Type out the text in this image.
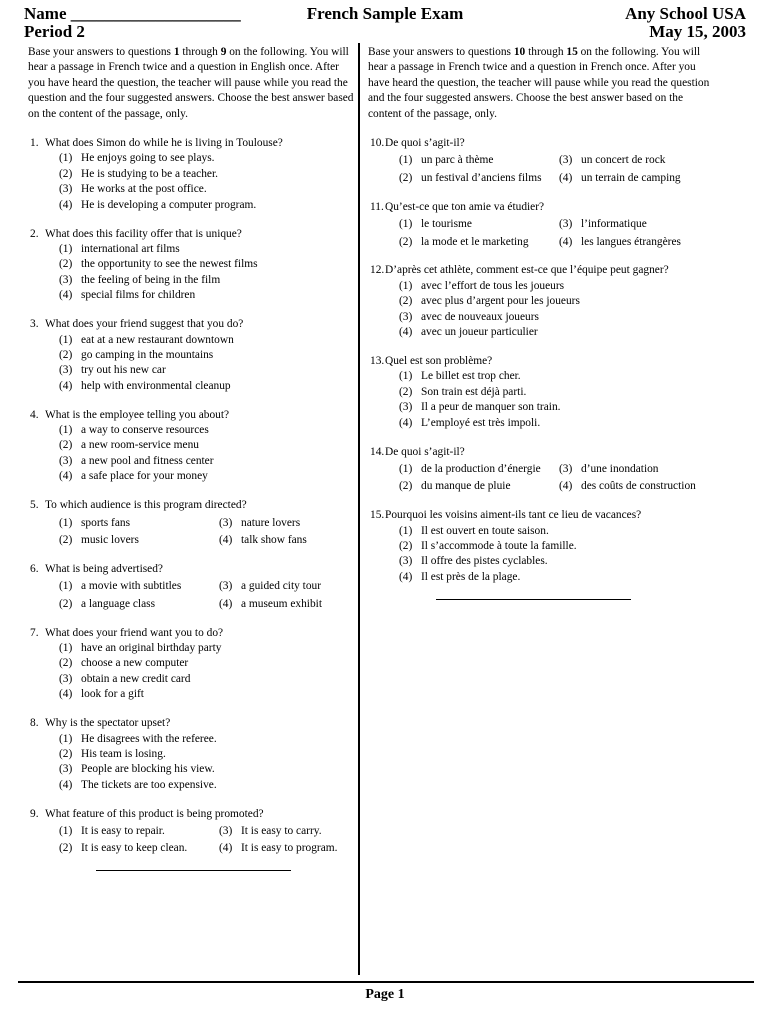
Name ____________________
Period 2
French Sample Exam	Any School USA
May 15, 2003
Base your answers to questions 1 through 9 on the following. You will hear a passage in French twice and a question in English once. After you have heard the question, the teacher will pause while you read the question and the four suggested answers. Choose the best answer based on the content of the passage, only.
1. What does Simon do while he is living in Toulouse?
(1) He enjoys going to see plays.
(2) He is studying to be a teacher.
(3) He works at the post office.
(4) He is developing a computer program.
2. What does this facility offer that is unique?
(1) international art films
(2) the opportunity to see the newest films
(3) the feeling of being in the film
(4) special films for children
3. What does your friend suggest that you do?
(1) eat at a new restaurant downtown
(2) go camping in the mountains
(3) try out his new car
(4) help with environmental cleanup
4. What is the employee telling you about?
(1) a way to conserve resources
(2) a new room-service menu
(3) a new pool and fitness center
(4) a safe place for your money
5. To which audience is this program directed?
(1) sports fans	(3) nature lovers
(2) music lovers	(4) talk show fans
6. What is being advertised?
(1) a movie with subtitles	(3) a guided city tour
(2) a language class	(4) a museum exhibit
7. What does your friend want you to do?
(1) have an original birthday party
(2) choose a new computer
(3) obtain a new credit card
(4) look for a gift
8. Why is the spectator upset?
(1) He disagrees with the referee.
(2) His team is losing.
(3) People are blocking his view.
(4) The tickets are too expensive.
9. What feature of this product is being promoted?
(1) It is easy to repair.	(3) It is easy to carry.
(2) It is easy to keep clean.	(4) It is easy to program.
Base your answers to questions 10 through 15 on the following. You will hear a passage in French twice and a question in French once. After you have heard the question, the teacher will pause while you read the question and the four suggested answers. Choose the best answer based on the content of the passage, only.
10.De quoi s’agit-il?
(1) un parc à thème	(3) un concert de rock
(2) un festival d’anciens films	(4) un terrain de camping
11.Qu’est-ce que ton amie va étudier?
(1) le tourisme	(3) l’informatique
(2) la mode et le marketing	(4) les langues étrangères
12.D’après cet athlète, comment est-ce que l’équipe peut gagner?
(1) avec l’effort de tous les joueurs
(2) avec plus d’argent pour les joueurs
(3) avec de nouveaux joueurs
(4) avec un joueur particulier
13.Quel est son problème?
(1) Le billet est trop cher.
(2) Son train est déjà parti.
(3) Il a peur de manquer son train.
(4) L’employé est très impoli.
14.De quoi s’agit-il?
(1) de la production d’énergie	(3) d’une inondation
(2) du manque de pluie	(4) des coûts de construction
15.Pourquoi les voisins aiment-ils tant ce lieu de vacances?
(1) Il est ouvert en toute saison.
(2) Il s’accommode à toute la famille.
(3) Il offre des pistes cyclables.
(4) Il est près de la plage.
Page 1
